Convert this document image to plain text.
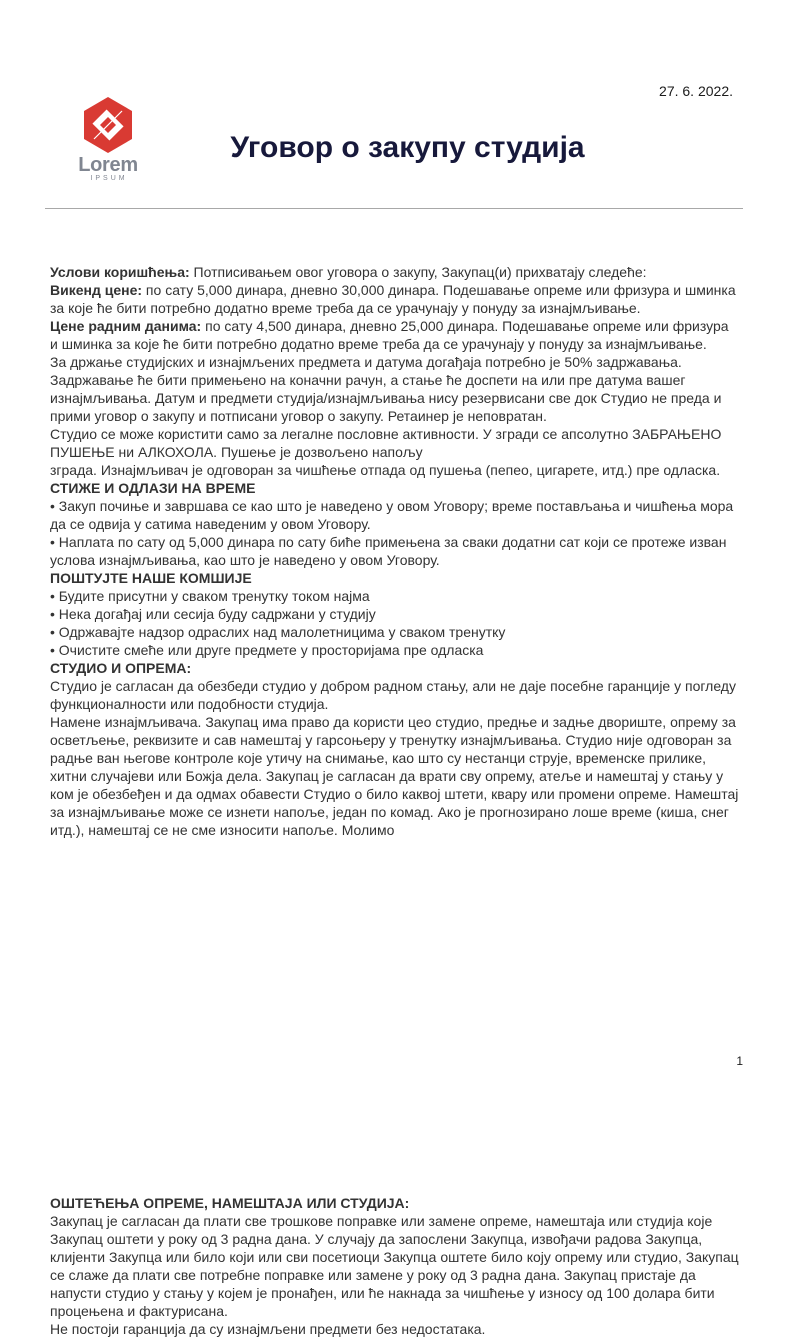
27. 6. 2022.
Lorem
IPSUM
Уговор о закупу студија

Услови коришћења: Потписивањем овог уговора о закупу, Закупац(и) прихватају следеће:

Викенд цене: по сату 5,000 динара, дневно 30,000 динара. Подешавање опреме или фризура и шминка за које ће бити потребно додатно време треба да се урачунају у понуду за изнајмљивање.

Цене радним данима: по сату 4,500 динара, дневно 25,000 динара. Подешавање опреме или фризура и шминка за које ће бити потребно додатно време треба да се урачунају у понуду за изнајмљивање.

За држање студијских и изнајмљених предмета и датума догађаја потребно је 50% задржавања. Задржавање ће бити примењено на коначни рачун, а стање ће доспети на или пре датума вашег изнајмљивања. Датум и предмети студија/изнајмљивања нису резервисани све док Студио не преда и прими уговор о закупу и потписани уговор о закупу. Ретаинер је неповратан.

Студио се може користити само за легалне пословне активности. У згради се апсолутно ЗАБРАЊЕНО ПУШЕЊЕ ни АЛКОХОЛА. Пушење је дозвољено напољу

зграда. Изнајмљивач је одговоран за чишћење отпада од пушења (пепео, цигарете, итд.) пре одласка.

СТИЖЕ И ОДЛАЗИ НА ВРЕМЕ

• Закуп почиње и завршава се као што је наведено у овом Уговору; време постављања и чишћења мора да се одвија у сатима наведеним у овом Уговору.

• Наплата по сату од 5,000 динара по сату биће примењена за сваки додатни сат који се протеже изван услова изнајмљивања, као што је наведено у овом Уговору.

ПОШТУЈТЕ НАШЕ КОМШИЈЕ

• Будите присутни у сваком тренутку током најма

• Нека догађај или сесија буду садржани у студију

• Одржавајте надзор одраслих над малолетницима у сваком тренутку

• Очистите смеће или друге предмете у просторијама пре одласка

СТУДИО И ОПРЕМА:

Студио је сагласан да обезбеди студио у добром радном стању, али не даје посебне гаранције у погледу функционалности или подобности студија.

Намене изнајмљивача. Закупац има право да користи цео студио, предње и задње двориште, опрему за осветљење, реквизите и сав намештај у гарсоњеру у тренутку изнајмљивања. Студио није одговоран за радње ван његове контроле које утичу на снимање, као што су нестанци струје, временске прилике, хитни случајеви или Божја дела. Закупац је сагласан да врати сву опрему, атеље и намештај у стању у ком је обезбеђен и да одмах обавести Студио о било каквој штети, квару или промени опреме. Намештај за изнајмљивање може се изнети напоље, један по комад. Ако је прогнозирано лоше време (киша, снег итд.), намештај се не сме износити напоље. Молимо

1

ОШТЕЋЕЊА ОПРЕМЕ, НАМЕШТАЈА ИЛИ СТУДИЈА:

Закупац је сагласан да плати све трошкове поправке или замене опреме, намештаја или студија које Закупац оштети у року од 3 радна дана. У случају да запослени Закупца, извођачи радова Закупца, клијенти Закупца или било који или сви посетиоци Закупца оштете било коју опрему или студио, Закупац се слаже да плати све потребне поправке или замене у року од 3 радна дана. Закупац пристаје да напусти студио у стању у којем је пронађен, или ће накнада за чишћење у износу од 100 долара бити процењена и фактурисана.

Не постоји гаранција да су изнајмљени предмети без недостатака.
